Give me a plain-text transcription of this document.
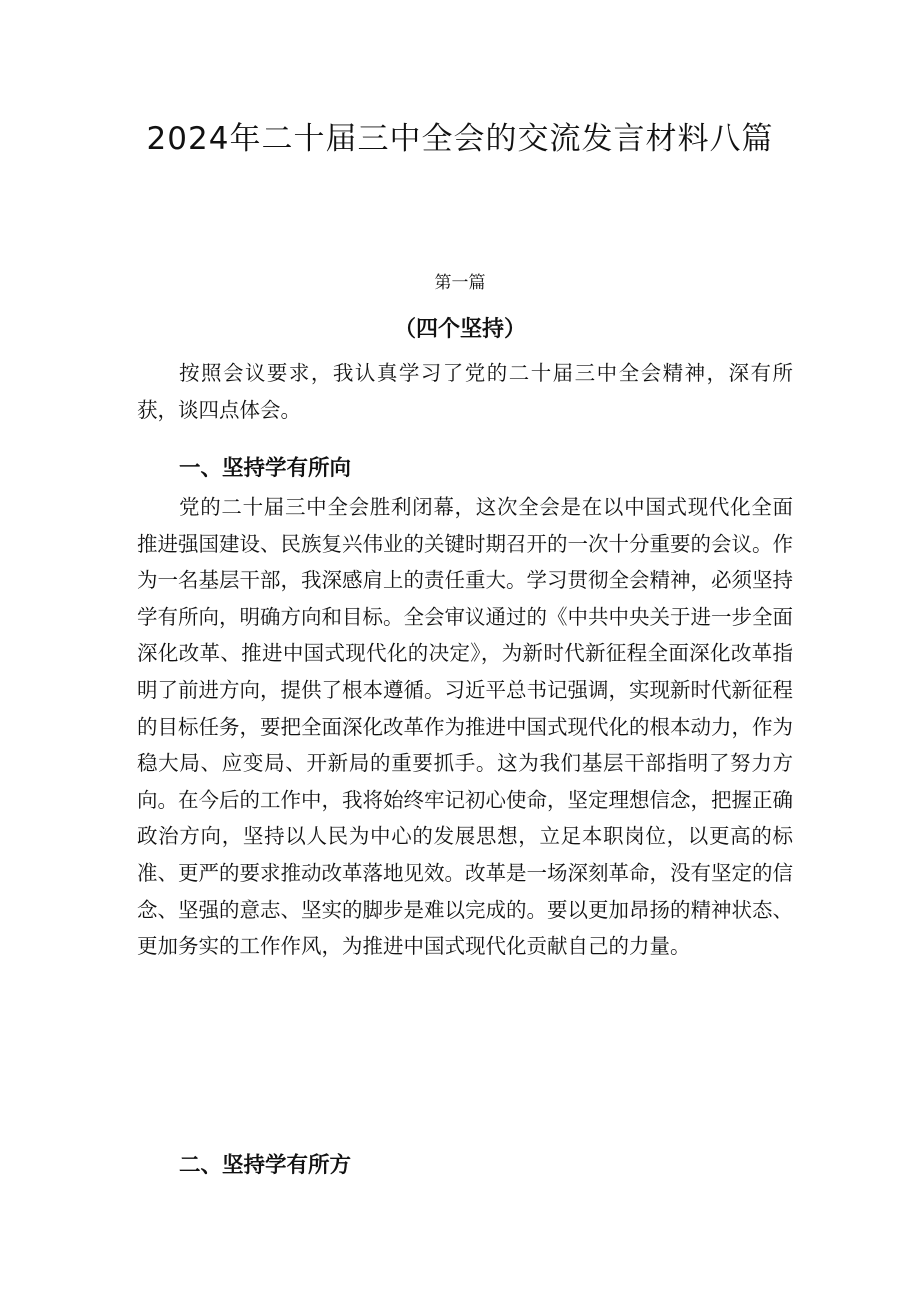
2024年二十届三中全会的交流发言材料八篇

第一篇

（四个坚持）

按照会议要求，我认真学习了党的二十届三中全会精神，深有所获，谈四点体会。

一、坚持学有所向

党的二十届三中全会胜利闭幕，这次全会是在以中国式现代化全面推进强国建设、民族复兴伟业的关键时期召开的一次十分重要的会议。作为一名基层干部，我深感肩上的责任重大。学习贯彻全会精神，必须坚持学有所向，明确方向和目标。全会审议通过的《中共中央关于进一步全面深化改革、推进中国式现代化的决定》，为新时代新征程全面深化改革指明了前进方向，提供了根本遵循。习近平总书记强调，实现新时代新征程的目标任务，要把全面深化改革作为推进中国式现代化的根本动力，作为稳大局、应变局、开新局的重要抓手。这为我们基层干部指明了努力方向。在今后的工作中，我将始终牢记初心使命，坚定理想信念，把握正确政治方向，坚持以人民为中心的发展思想，立足本职岗位，以更高的标准、更严的要求推动改革落地见效。改革是一场深刻革命，没有坚定的信念、坚强的意志、坚实的脚步是难以完成的。要以更加昂扬的精神状态、更加务实的工作作风，为推进中国式现代化贡献自己的力量。

二、坚持学有所方
